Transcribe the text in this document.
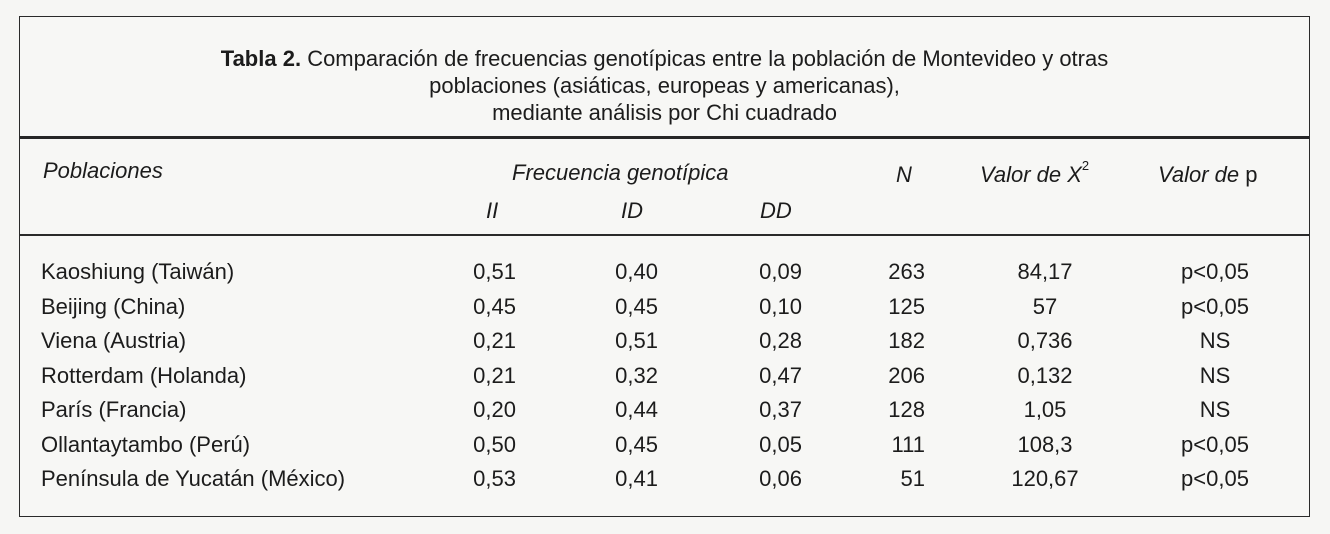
Tabla 2. Comparación de frecuencias genotípicas entre la población de Montevideo y otras
poblaciones (asiáticas, europeas y americanas),
mediante análisis por Chi cuadrado
Poblaciones	Frecuencia genotípica
II	ID	DD
N	Valor de $X^2$	Valor de p
Kaoshiung (Taiwán)	0,51	0,40	0,09	263	84,17	p<0,05
Beijing (China)	0,45	0,45	0,10	125	57	p<0,05
Viena (Austria)	0,21	0,51	0,28	182	0,736	NS
Rotterdam (Holanda)	0,21	0,32	0,47	206	0,132	NS
París (Francia)	0,20	0,44	0,37	128	1,05	NS
Ollantaytambo (Perú)	0,50	0,45	0,05	111	108,3	p<0,05
Península de Yucatán (México)	0,53	0,41	0,06	51	120,67	p<0,05
